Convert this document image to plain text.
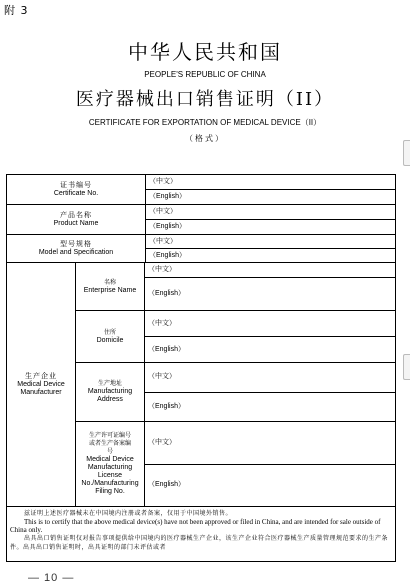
附 3
中华人民共和国
PEOPLE'S REPUBLIC OF CHINA
医疗器械出口销售证明（II）
CERTIFICATE FOR EXPORTATION OF MEDICAL DEVICE（II）
（格式）
证书编号
Certificate No.
（中文）
（English）
产品名称
Product Name
（中文）
（English）
型号规格
Model and Specification
（中文）
（English）
生产企业
Medical Device
Manufacturer
名称
Enterprise Name
（中文）
（English）
住所
Domicile
（中文）
（English）
生产地址
Manufacturing
Address
（中文）
（English）
生产许可证编号
或者生产备案编
号
Medical Device
Manufacturing
License
No./Manufacturing
Filing No.
（中文）
（English）

兹证明上述医疗器械未在中国境内注册或者备案，仅用于中国境外销售。

This is to certify that the above medical device(s) have not been approved or filed in China, and are intended for sale outside of China only.

出具出口销售证明仅对报告事项提供给中国境内的医疗器械生产企业，该生产企业符合医疗器械生产质量管理规范要求的生产条件。出具出口销售证明时，出具证明的部门未评估或者

— 10 —
